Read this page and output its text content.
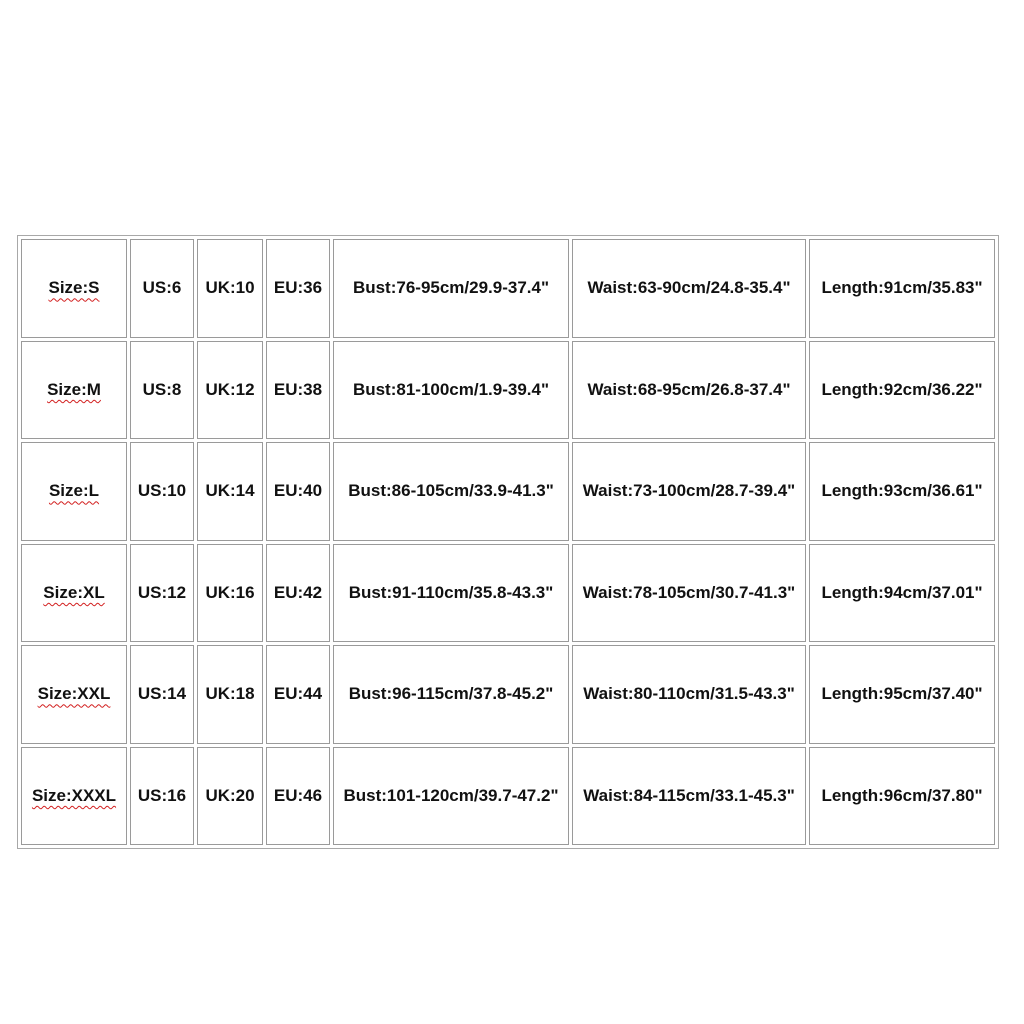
Size:S	US:6	UK:10	EU:36	Bust:76-95cm/29.9-37.4"	Waist:63-90cm/24.8-35.4"	Length:91cm/35.83"
Size:M	US:8	UK:12	EU:38	Bust:81-100cm/1.9-39.4"	Waist:68-95cm/26.8-37.4"	Length:92cm/36.22"
Size:L	US:10	UK:14	EU:40	Bust:86-105cm/33.9-41.3"	Waist:73-100cm/28.7-39.4"	Length:93cm/36.61"
Size:XL	US:12	UK:16	EU:42	Bust:91-110cm/35.8-43.3"	Waist:78-105cm/30.7-41.3"	Length:94cm/37.01"
Size:XXL	US:14	UK:18	EU:44	Bust:96-115cm/37.8-45.2"	Waist:80-110cm/31.5-43.3"	Length:95cm/37.40"
Size:XXXL	US:16	UK:20	EU:46	Bust:101-120cm/39.7-47.2"	Waist:84-115cm/33.1-45.3"	Length:96cm/37.80"
